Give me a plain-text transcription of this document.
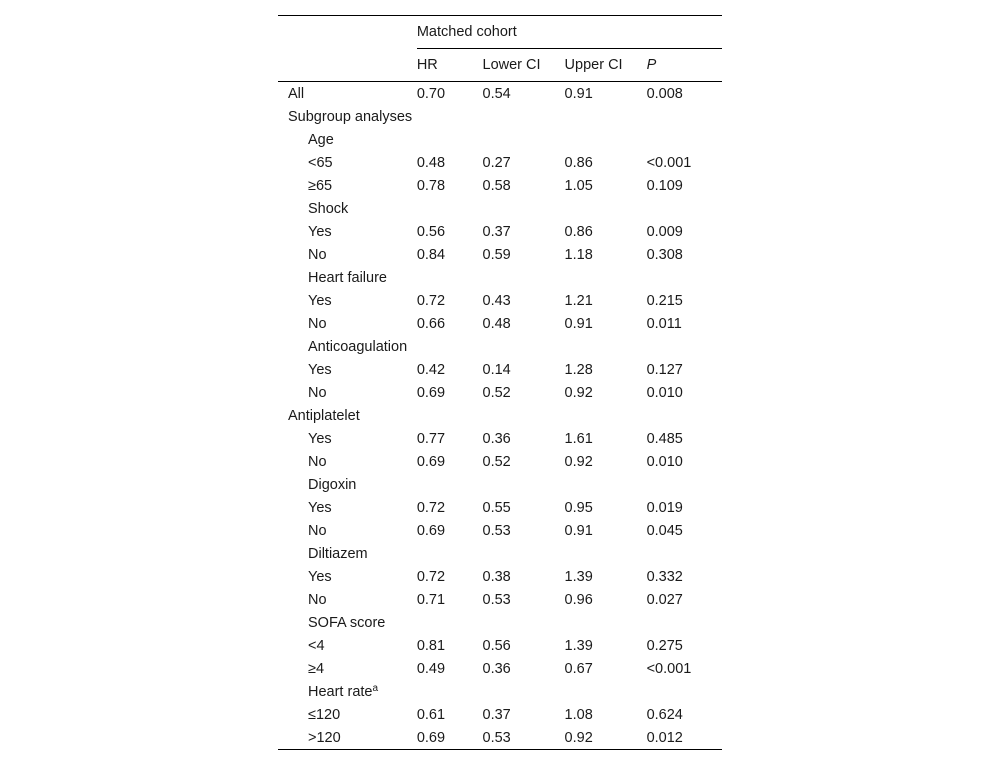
	Matched cohort			
	HR	Lower CI	Upper CI	P
All	0.70	0.54	0.91	0.008
Subgroup analyses				
Age				
<65	0.48	0.27	0.86	<0.001
≥65	0.78	0.58	1.05	0.109
Shock				
Yes	0.56	0.37	0.86	0.009
No	0.84	0.59	1.18	0.308
Heart failure				
Yes	0.72	0.43	1.21	0.215
No	0.66	0.48	0.91	0.011
Anticoagulation				
Yes	0.42	0.14	1.28	0.127
No	0.69	0.52	0.92	0.010
Antiplatelet				
Yes	0.77	0.36	1.61	0.485
No	0.69	0.52	0.92	0.010
Digoxin				
Yes	0.72	0.55	0.95	0.019
No	0.69	0.53	0.91	0.045
Diltiazem				
Yes	0.72	0.38	1.39	0.332
No	0.71	0.53	0.96	0.027
SOFA score				
<4	0.81	0.56	1.39	0.275
≥4	0.49	0.36	0.67	<0.001
Heart rate$^a$				
≤120	0.61	0.37	1.08	0.624
>120	0.69	0.53	0.92	0.012
